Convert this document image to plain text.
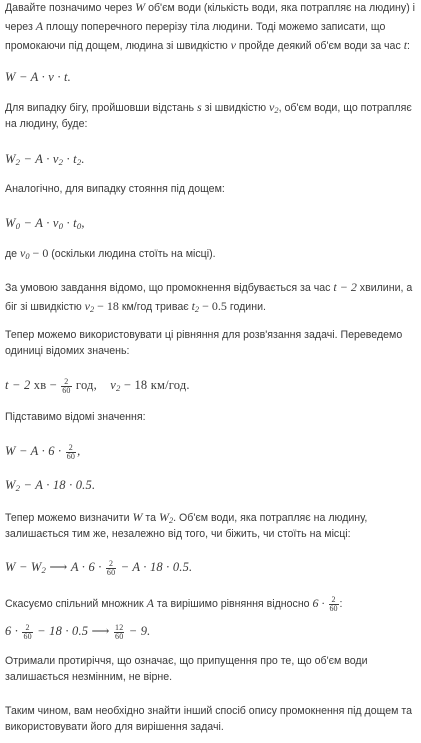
Давайте позначимо через W об'єм води (кількість води, яка потрапляє на людину) і через A площу поперечного перерізу тіла людини. Тоді можемо записати, що промокаючи під дощем, людина зі швидкістю v пройде деякий об'єм води за час t:

W − A · v · t.

Для випадку бігу, пройшовши відстань s зі швидкістю $v_2$, об'єм води, що потрапляє на людину, буде:

$W_2 - A \cdot v_2 \cdot t_2$.

Аналогічно, для випадку стояння під дощем:

$W_0 - A \cdot v_0 \cdot t_0$,

де $v_0 - 0$ (оскільки людина стоїть на місці).

За умовою завдання відомо, що промокнення відбувається за час t − 2 хвилини, а біг зі швидкістю $v_2 - 18$ км/год триває $t_2 - 0.5$ години.

Тепер можемо використовувати ці рівняння для розв'язання задачі. Переведемо одиниці відомих значень:

t − 2 хв − $\frac{2}{60}$ год, $v_2 - 18$ км/год.

Підставимо відомі значення:

$W - A \cdot 6 \cdot \frac{2}{60}$ ,
$W_2 - A \cdot 18 \cdot 0.5$.

Тепер можемо визначити W та $W_2$. Об'єм води, яка потрапляє на людину, залишається тим же, незалежно від того, чи біжить, чи стоїть на місці:

$W - W_2$ ⟶ $A \cdot 6 \cdot \frac{2}{60} - A \cdot 18 \cdot 0.5$.

Скасуємо спільний множник A та вирішимо рівняння відносно $6 \cdot \frac{2}{60}$ :

$6 \cdot \frac{2}{60} - 18 \cdot 0.5$ ⟶ $\frac{12}{60} - 9$.

Отримали протиріччя, що означає, що припущення про те, що об'єм води залишається незмінним, не вірне.

Таким чином, вам необхідно знайти інший спосіб опису промокнення під дощем та використовувати його для вирішення задачі.
